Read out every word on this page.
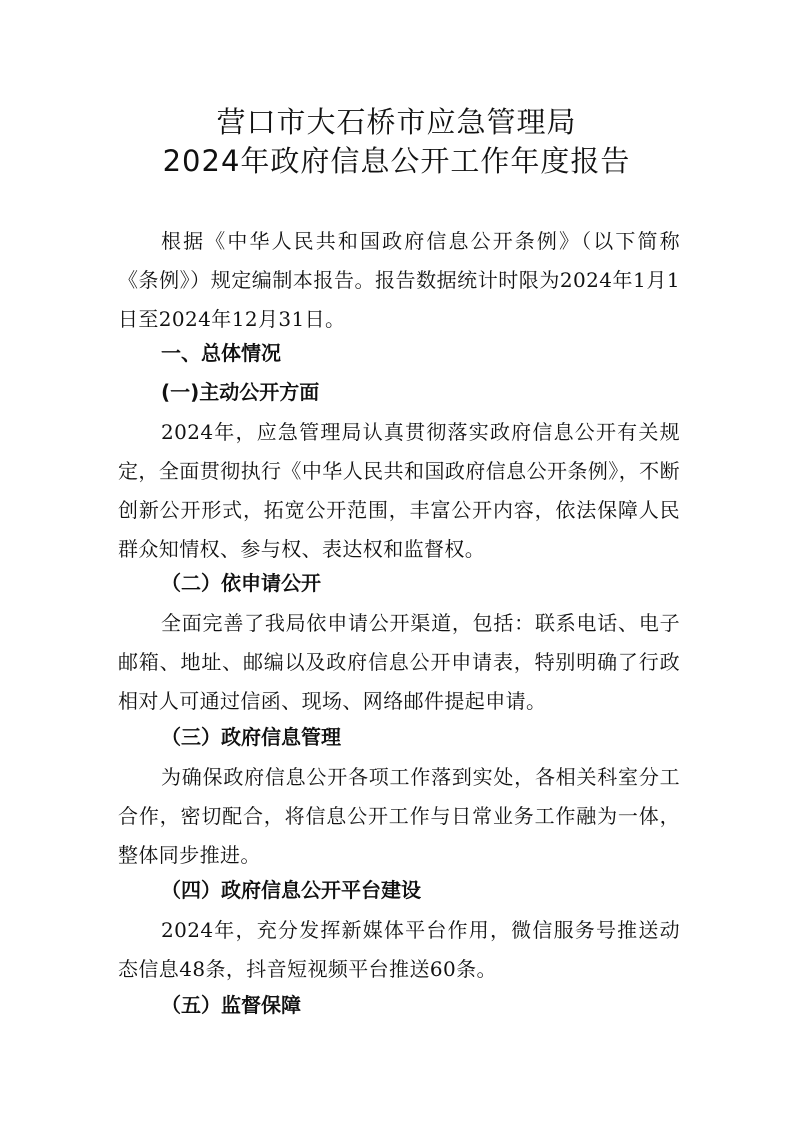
营口市大石桥市应急管理局
2024年政府信息公开工作年度报告
根据《中华人民共和国政府信息公开条例》（以下简称《条例》）规定编制本报告。报告数据统计时限为2024年1月1日至2024年12月31日。
一、总体情况
(一)主动公开方面
2024年，应急管理局认真贯彻落实政府信息公开有关规定，全面贯彻执行《中华人民共和国政府信息公开条例》，不断创新公开形式，拓宽公开范围，丰富公开内容，依法保障人民群众知情权、参与权、表达权和监督权。
（二）依申请公开
全面完善了我局依申请公开渠道，包括：联系电话、电子邮箱、地址、邮编以及政府信息公开申请表，特别明确了行政相对人可通过信函、现场、网络邮件提起申请。
（三）政府信息管理
为确保政府信息公开各项工作落到实处，各相关科室分工合作，密切配合，将信息公开工作与日常业务工作融为一体，整体同步推进。
（四）政府信息公开平台建设
2024年，充分发挥新媒体平台作用，微信服务号推送动态信息48条，抖音短视频平台推送60条。
（五）监督保障
